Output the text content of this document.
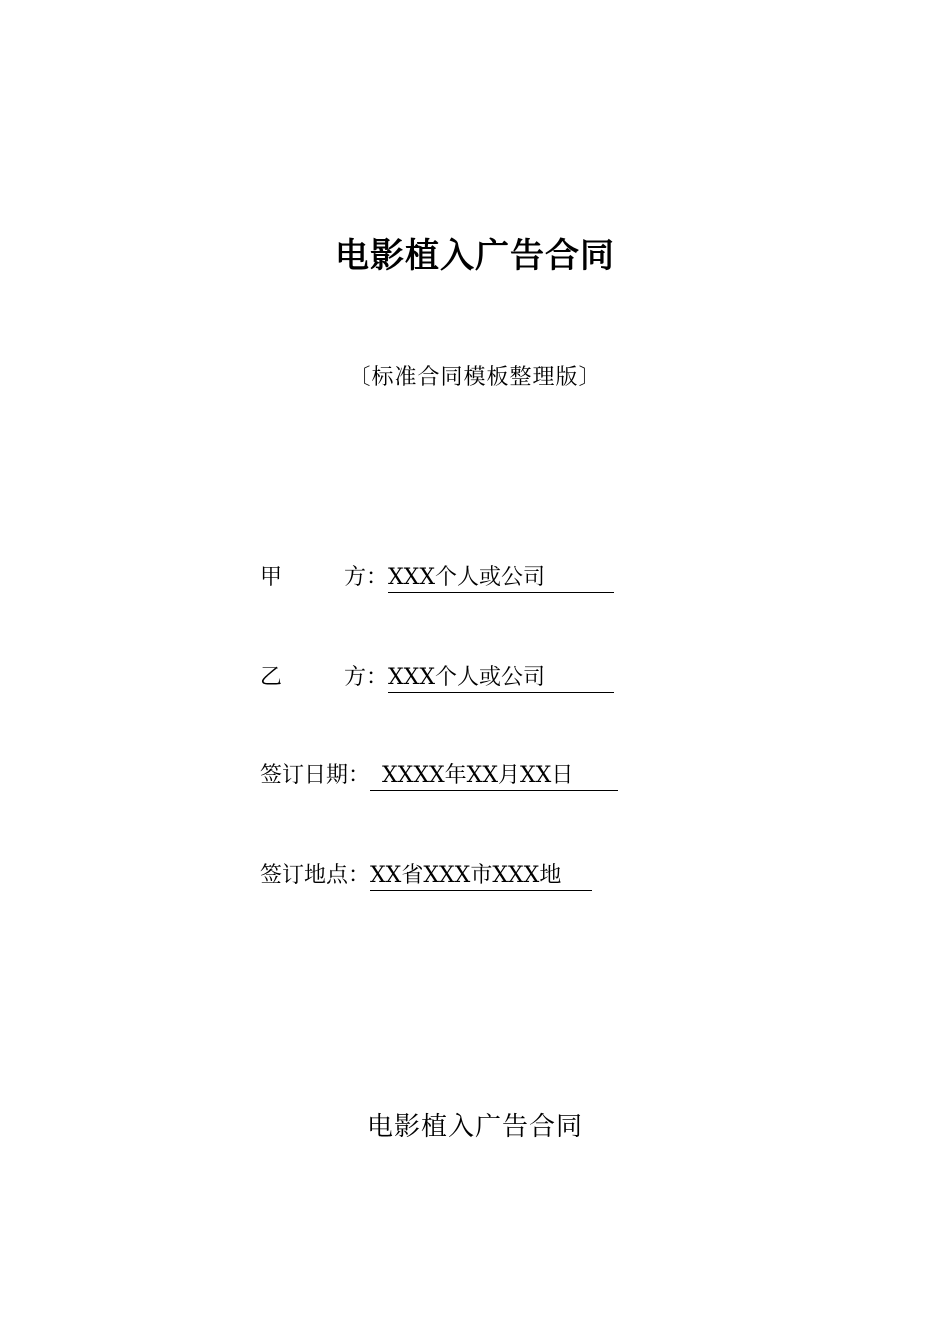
电影植入广告合同
〔标准合同模板整理版〕
甲	方： XXX个人或公司
乙	方： XXX个人或公司
签订日期： XXXX年XX月XX日
签订地点： XX省XXX市XXX地
电影植入广告合同
